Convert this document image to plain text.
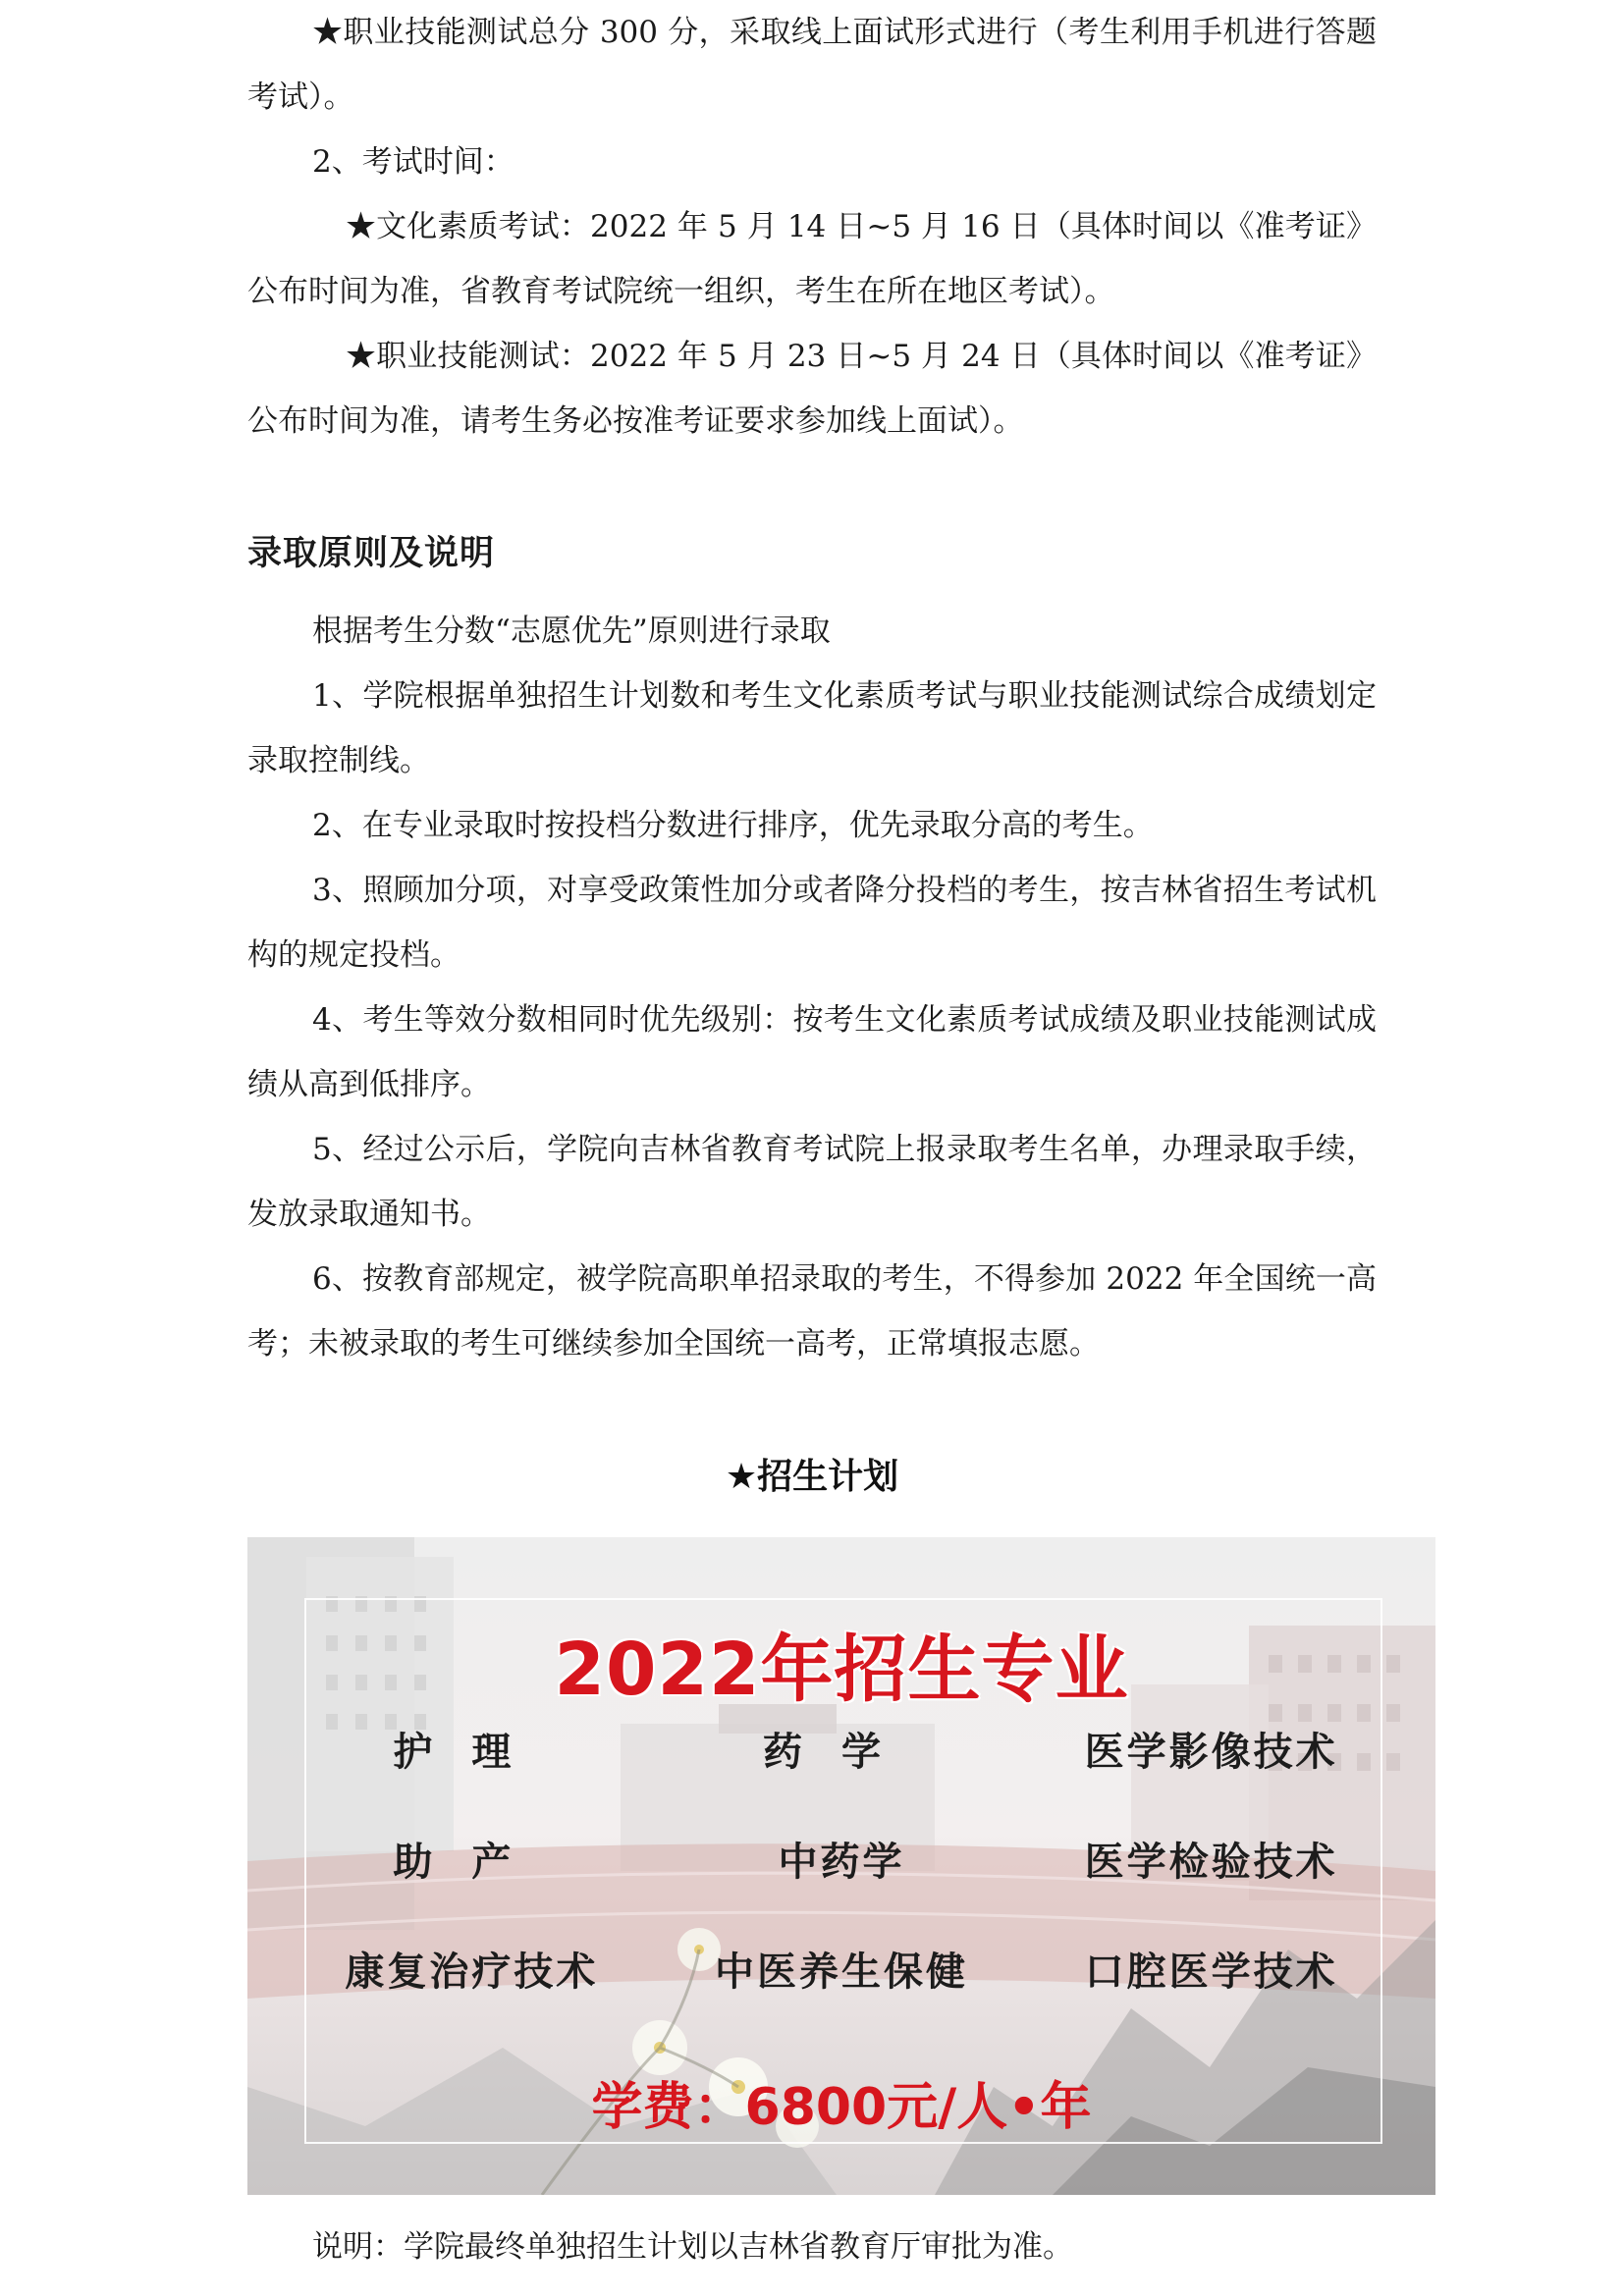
★职业技能测试总分 300 分，采取线上面试形式进行（考生利用手机进行答题考试）。

2、考试时间：

★文化素质考试：2022 年 5 月 14 日~5 月 16 日（具体时间以《准考证》公布时间为准，省教育考试院统一组织，考生在所在地区考试）。

★职业技能测试：2022 年 5 月 23 日~5 月 24 日（具体时间以《准考证》公布时间为准，请考生务必按准考证要求参加线上面试）。

录取原则及说明

根据考生分数“志愿优先”原则进行录取

1、学院根据单独招生计划数和考生文化素质考试与职业技能测试综合成绩划定录取控制线。

2、在专业录取时按投档分数进行排序，优先录取分高的考生。

3、照顾加分项，对享受政策性加分或者降分投档的考生，按吉林省招生考试机构的规定投档。

4、考生等效分数相同时优先级别：按考生文化素质考试成绩及职业技能测试成绩从高到低排序。

5、经过公示后，学院向吉林省教育考试院上报录取考生名单，办理录取手续，发放录取通知书。

6、按教育部规定，被学院高职单招录取的考生，不得参加 2022 年全国统一高考；未被录取的考生可继续参加全国统一高考，正常填报志愿。

★招生计划
2022年招生专业
护理	药学	医学影像技术
助产	中药学	医学检验技术
康复治疗技术	中医养生保健	口腔医学技术
学费：6800元/人•年

说明：学院最终单独招生计划以吉林省教育厅审批为准。
